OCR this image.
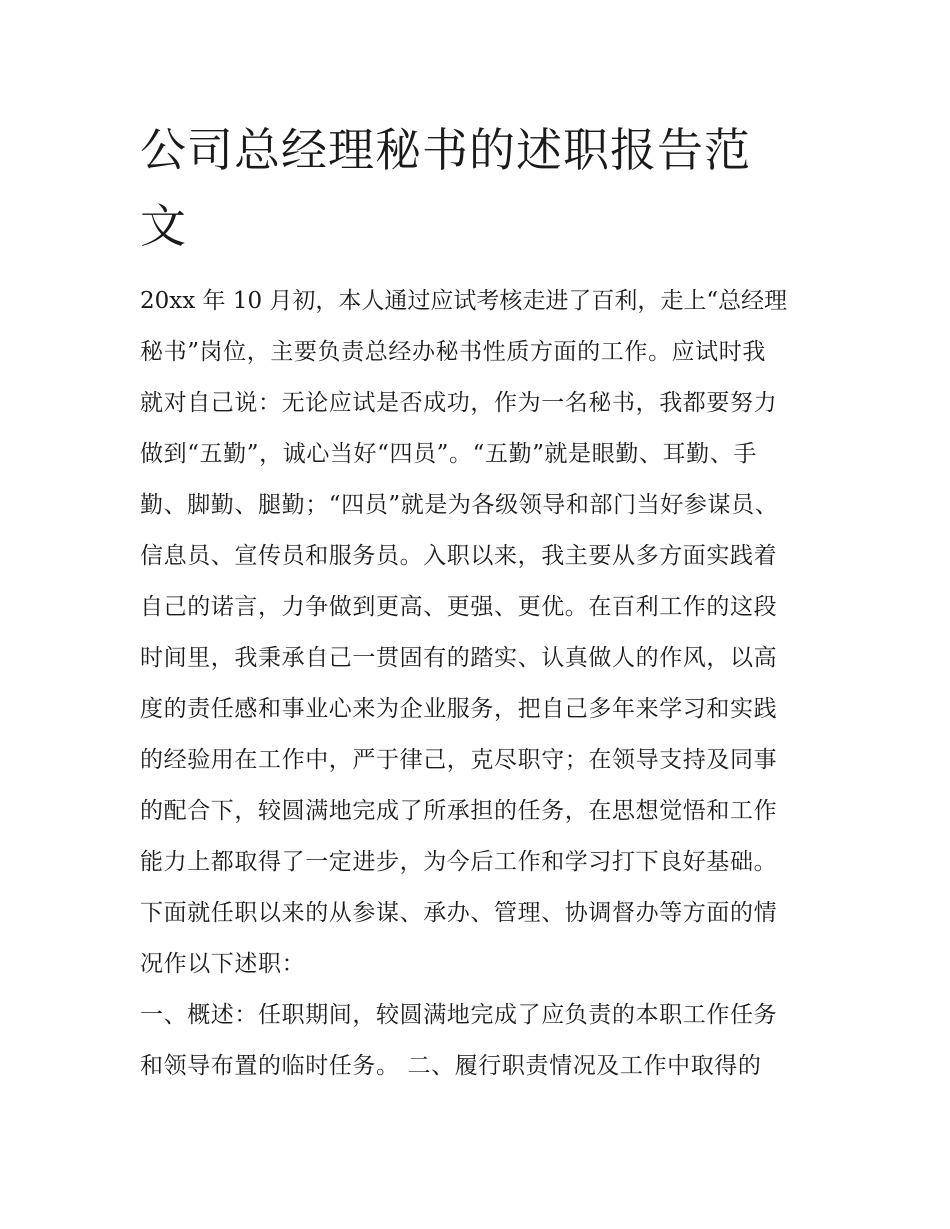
公司总经理秘书的述职报告范
文
20xx 年 10 月初，本人通过应试考核走进了百利，走上“总经理
秘书”岗位，主要负责总经办秘书性质方面的工作。应试时我
就对自己说：无论应试是否成功，作为一名秘书，我都要努力
做到“五勤”，诚心当好“四员”。“五勤”就是眼勤、耳勤、手
勤、脚勤、腿勤；“四员”就是为各级领导和部门当好参谋员、
信息员、宣传员和服务员。入职以来，我主要从多方面实践着
自己的诺言，力争做到更高、更强、更优。在百利工作的这段
时间里，我秉承自己一贯固有的踏实、认真做人的作风，以高
度的责任感和事业心来为企业服务，把自己多年来学习和实践
的经验用在工作中，严于律己，克尽职守；在领导支持及同事
的配合下，较圆满地完成了所承担的任务，在思想觉悟和工作
能力上都取得了一定进步，为今后工作和学习打下良好基础。
下面就任职以来的从参谋、承办、管理、协调督办等方面的情
况作以下述职：
一、概述：任职期间，较圆满地完成了应负责的本职工作任务
和领导布置的临时任务。 二、履行职责情况及工作中取得的
